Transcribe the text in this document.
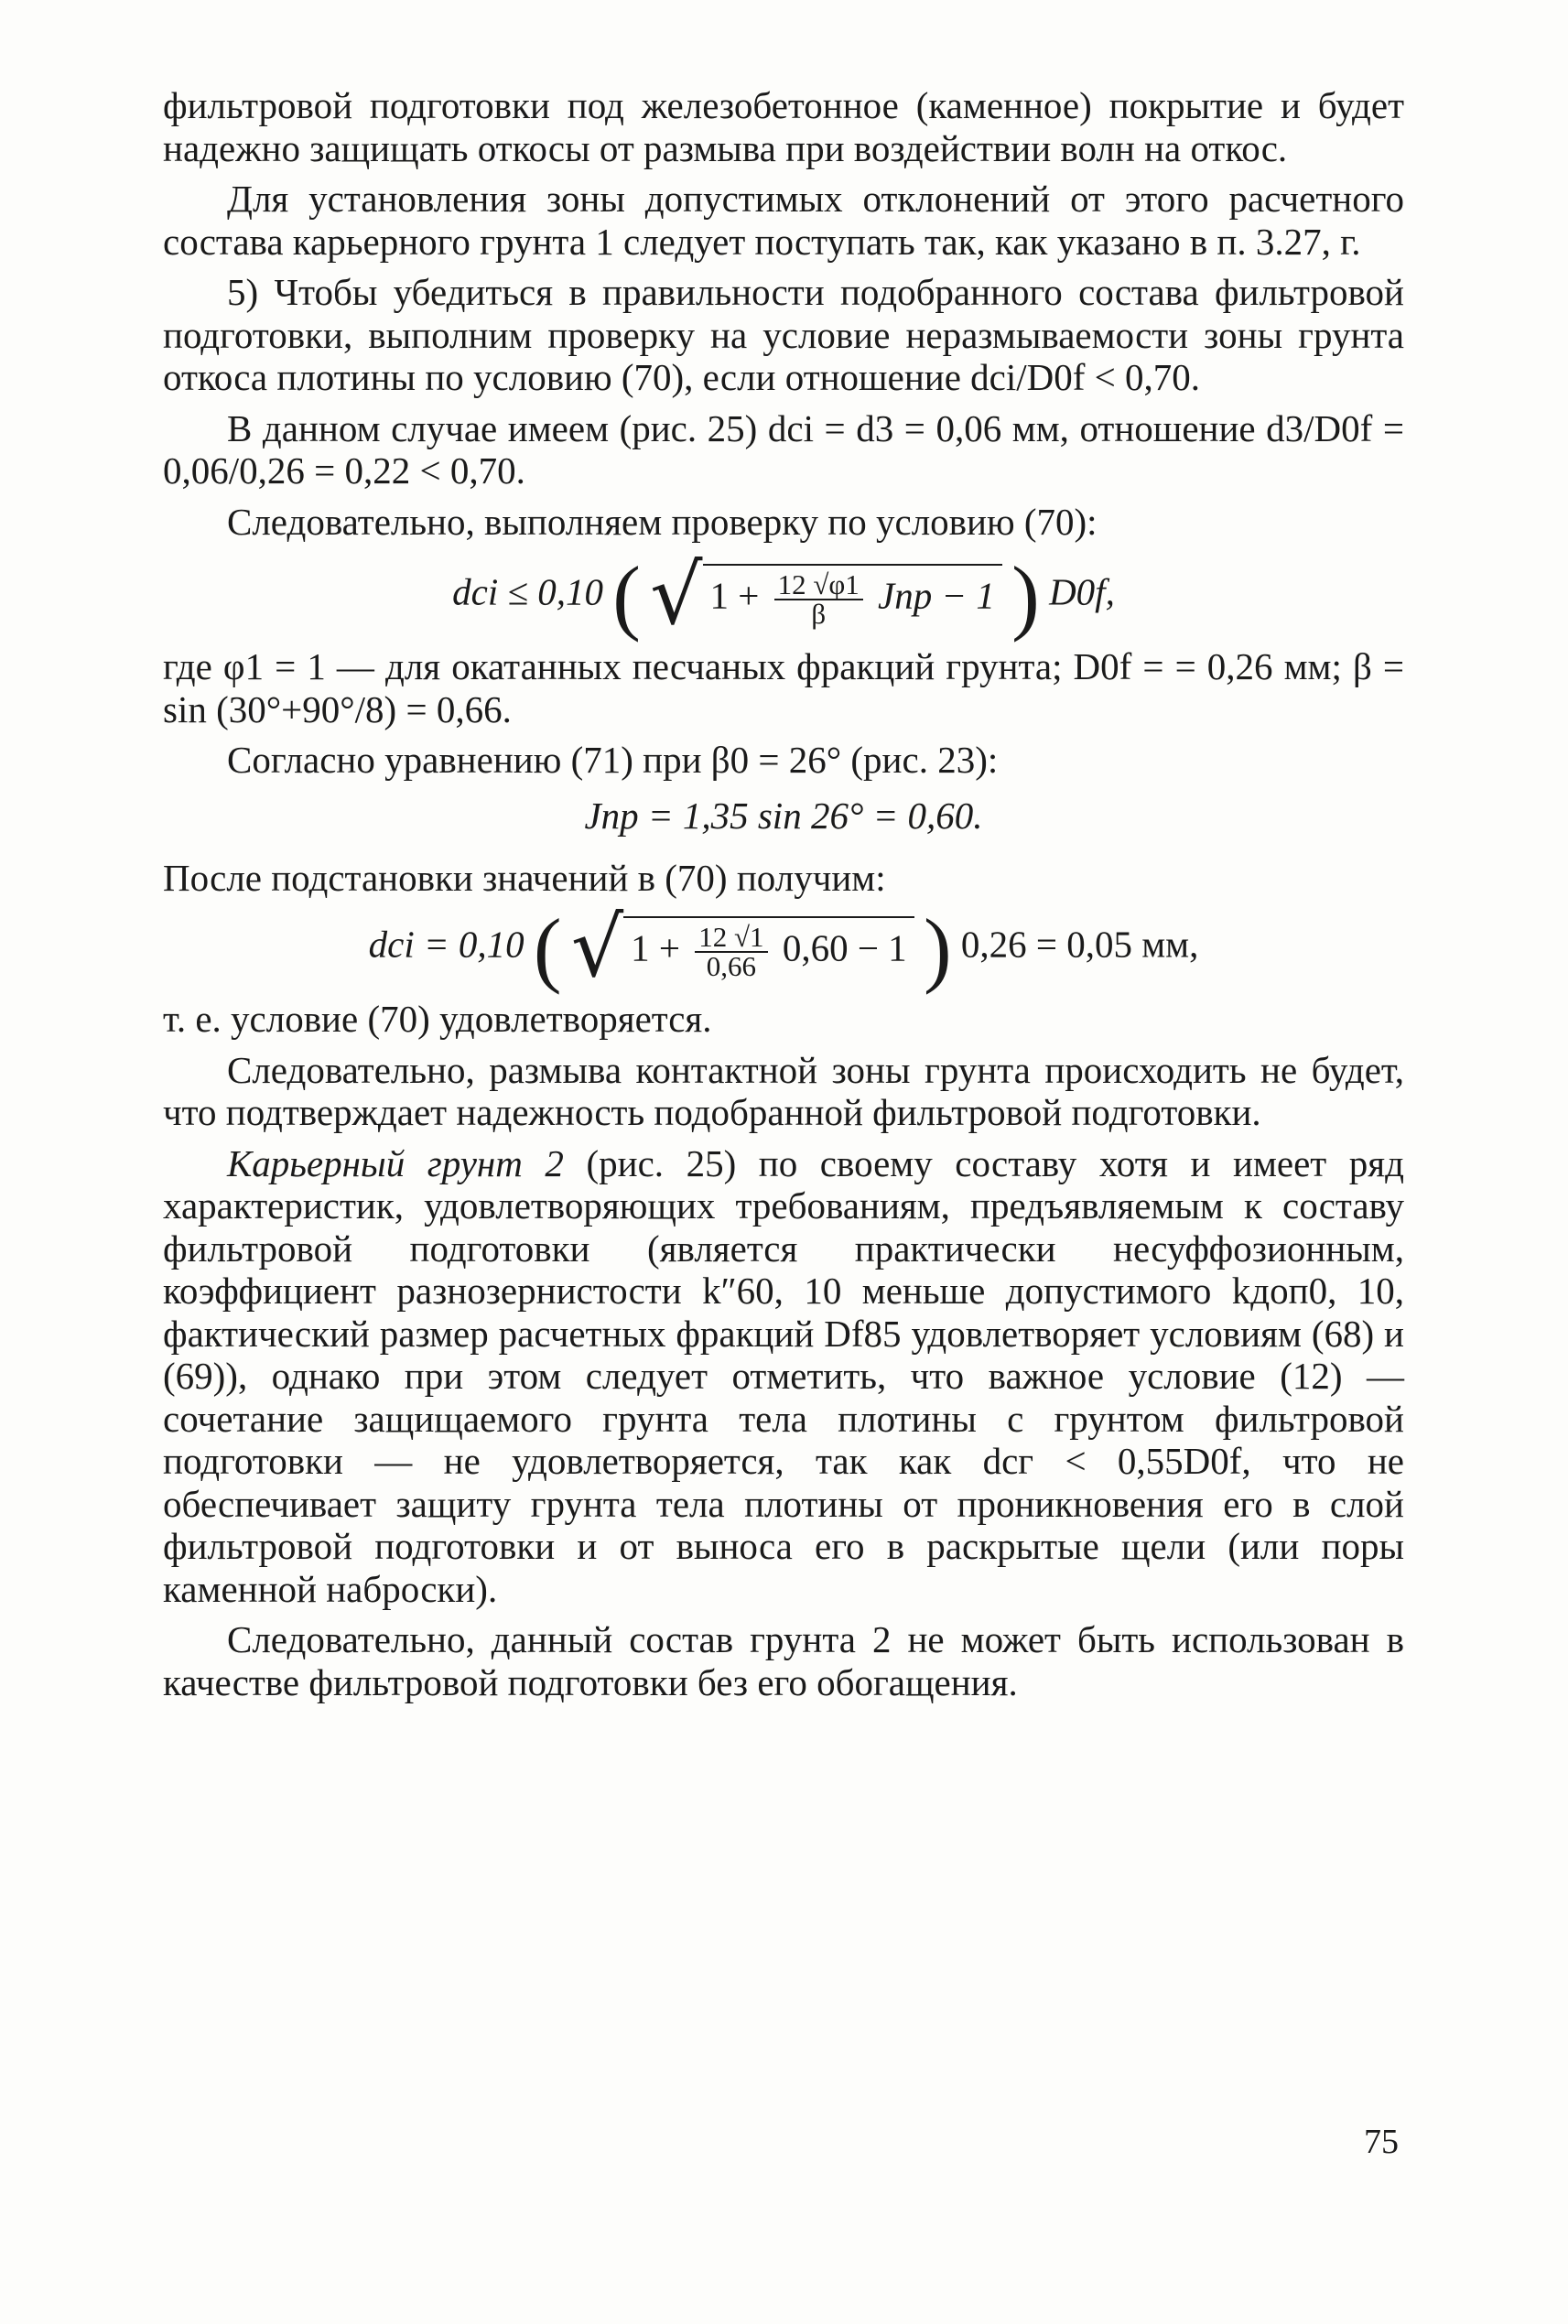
фильтровой подготовки под железобетонное (каменное) покрытие и будет надежно защищать откосы от размыва при воздействии волн на откос.

Для установления зоны допустимых отклонений от этого расчетного состава карьерного грунта 1 следует поступать так, как указано в п. 3.27, г.

5) Чтобы убедиться в правильности подобранного состава фильтровой подготовки, выполним проверку на условие неразмываемости зоны грунта откоса плотины по условию (70), если отношение dci/D0f < 0,70.

В данном случае имеем (рис. 25) dci = d3 = 0,06 мм, отношение d3/D0f = 0,06/0,26 = 0,22 < 0,70.

Следовательно, выполняем проверку по условию (70):

dci ≤ 0,10 ( √ $1 + \frac{12 √\varphi 1}{\beta}$ Jпр − 1 ) D0f,

где φ1 = 1 — для окатанных песчаных фракций грунта; D0f = = 0,26 мм; β = sin (30°+90°/8) = 0,66.

Согласно уравнению (71) при β0 = 26° (рис. 23):

Jпр = 1,35 sin 26° = 0,60.

После подстановки значений в (70) получим:

dci = 0,10 ( √ $1 + \frac{12 √1}{0,66} 0,60 - 1$ ) 0,26 = 0,05 мм,

т. е. условие (70) удовлетворяется.

Следовательно, размыва контактной зоны грунта происходить не будет, что подтверждает надежность подобранной фильтровой подготовки.

Карьерный грунт 2 (рис. 25) по своему составу хотя и имеет ряд характеристик, удовлетворяющих требованиям, предъявляемым к составу фильтровой подготовки (является практически несуффозионным, коэффициент разнозернистости k″60, 10 меньше допустимого kдоп0, 10, фактический размер расчетных фракций Df85 удовлетворяет условиям (68) и (69)), однако при этом следует отметить, что важное условие (12) — сочетание защищаемого грунта тела плотины с грунтом фильтровой подготовки — не удовлетворяется, так как dсг < 0,55D0f, что не обеспечивает защиту грунта тела плотины от проникновения его в слой фильтровой подготовки и от выноса его в раскрытые щели (или поры каменной наброски).

Следовательно, данный состав грунта 2 не может быть использован в качестве фильтровой подготовки без его обогащения.

75
